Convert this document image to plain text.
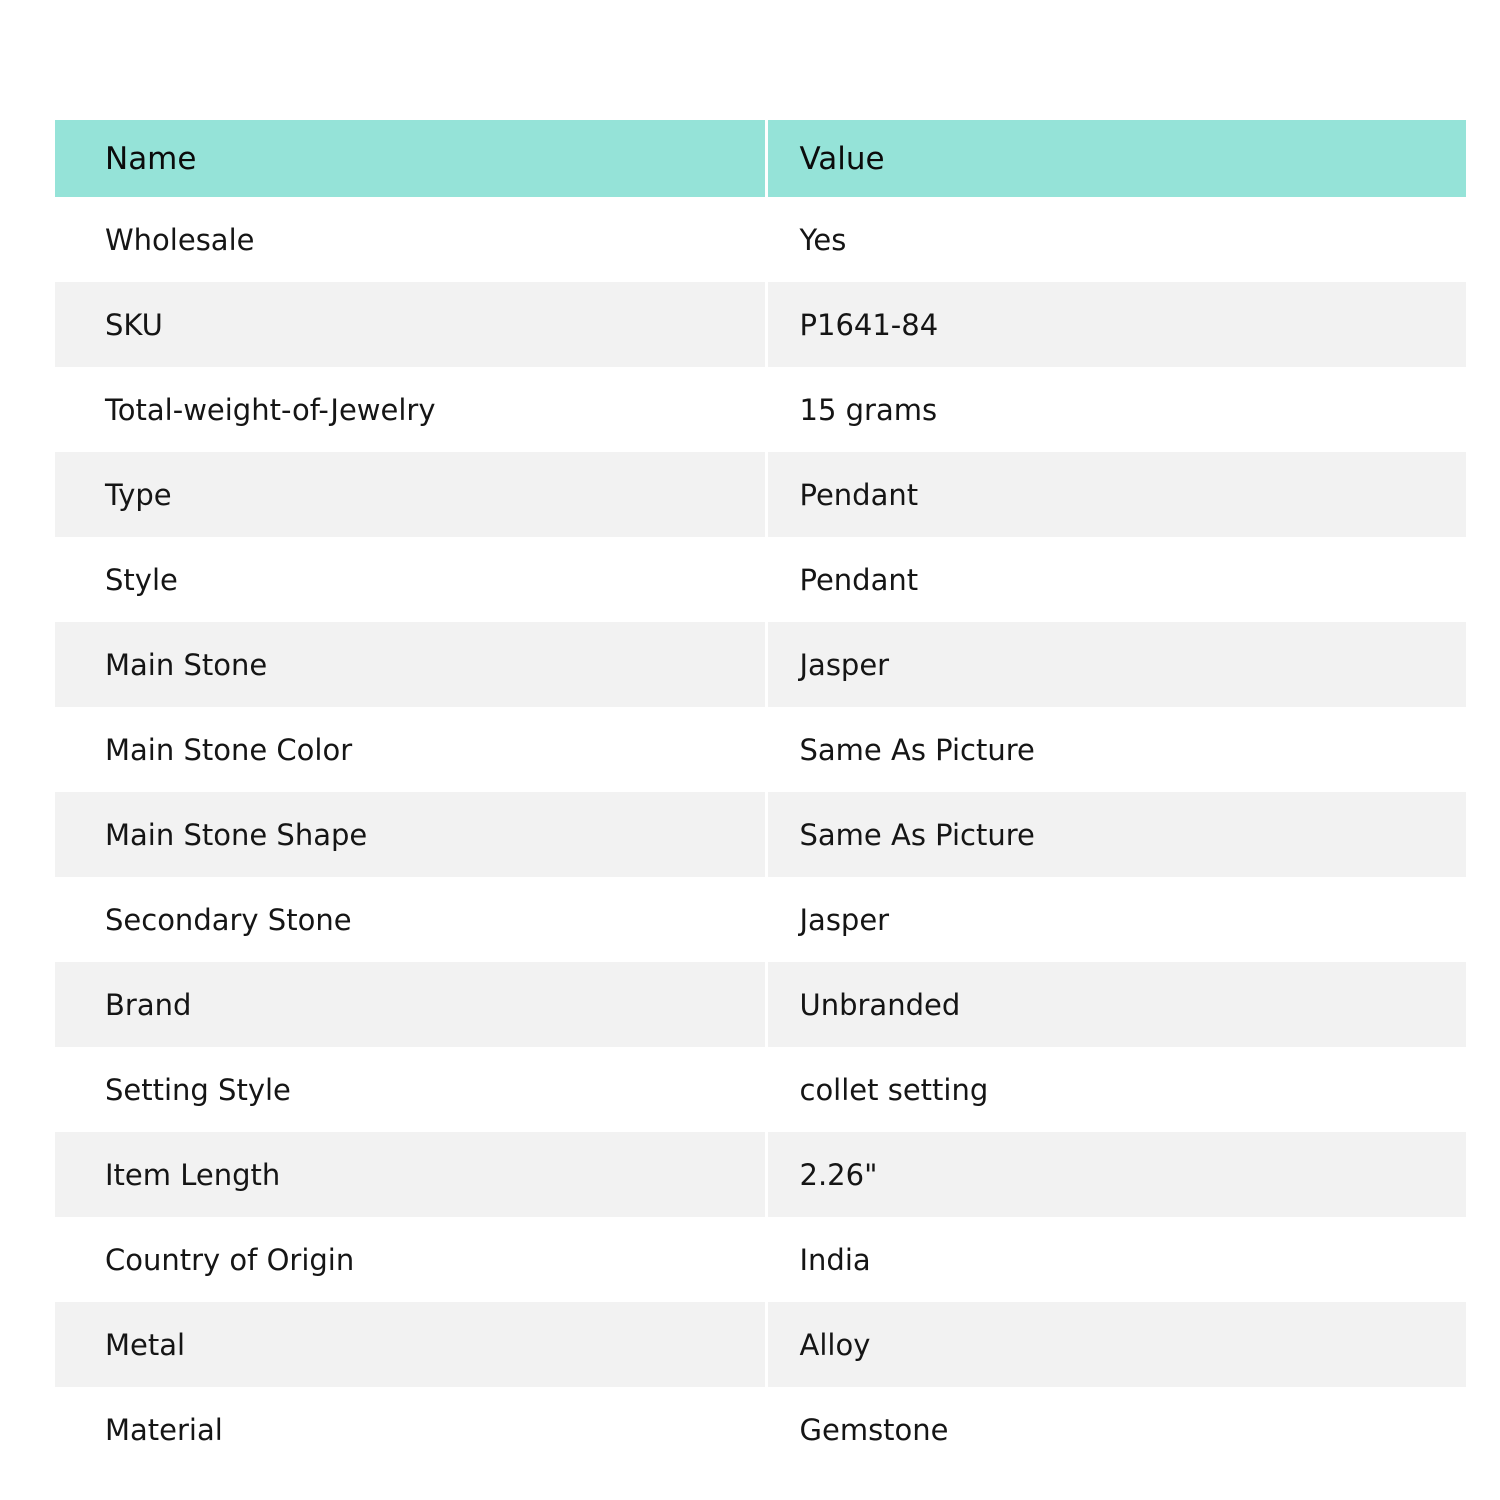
Name	Value
Wholesale	Yes
SKU	P1641-84
Total-weight-of-Jewelry	15 grams
Type	Pendant
Style	Pendant
Main Stone	Jasper
Main Stone Color	Same As Picture
Main Stone Shape	Same As Picture
Secondary Stone	Jasper
Brand	Unbranded
Setting Style	collet setting
Item Length	2.26"
Country of Origin	India
Metal	Alloy
Material	Gemstone
